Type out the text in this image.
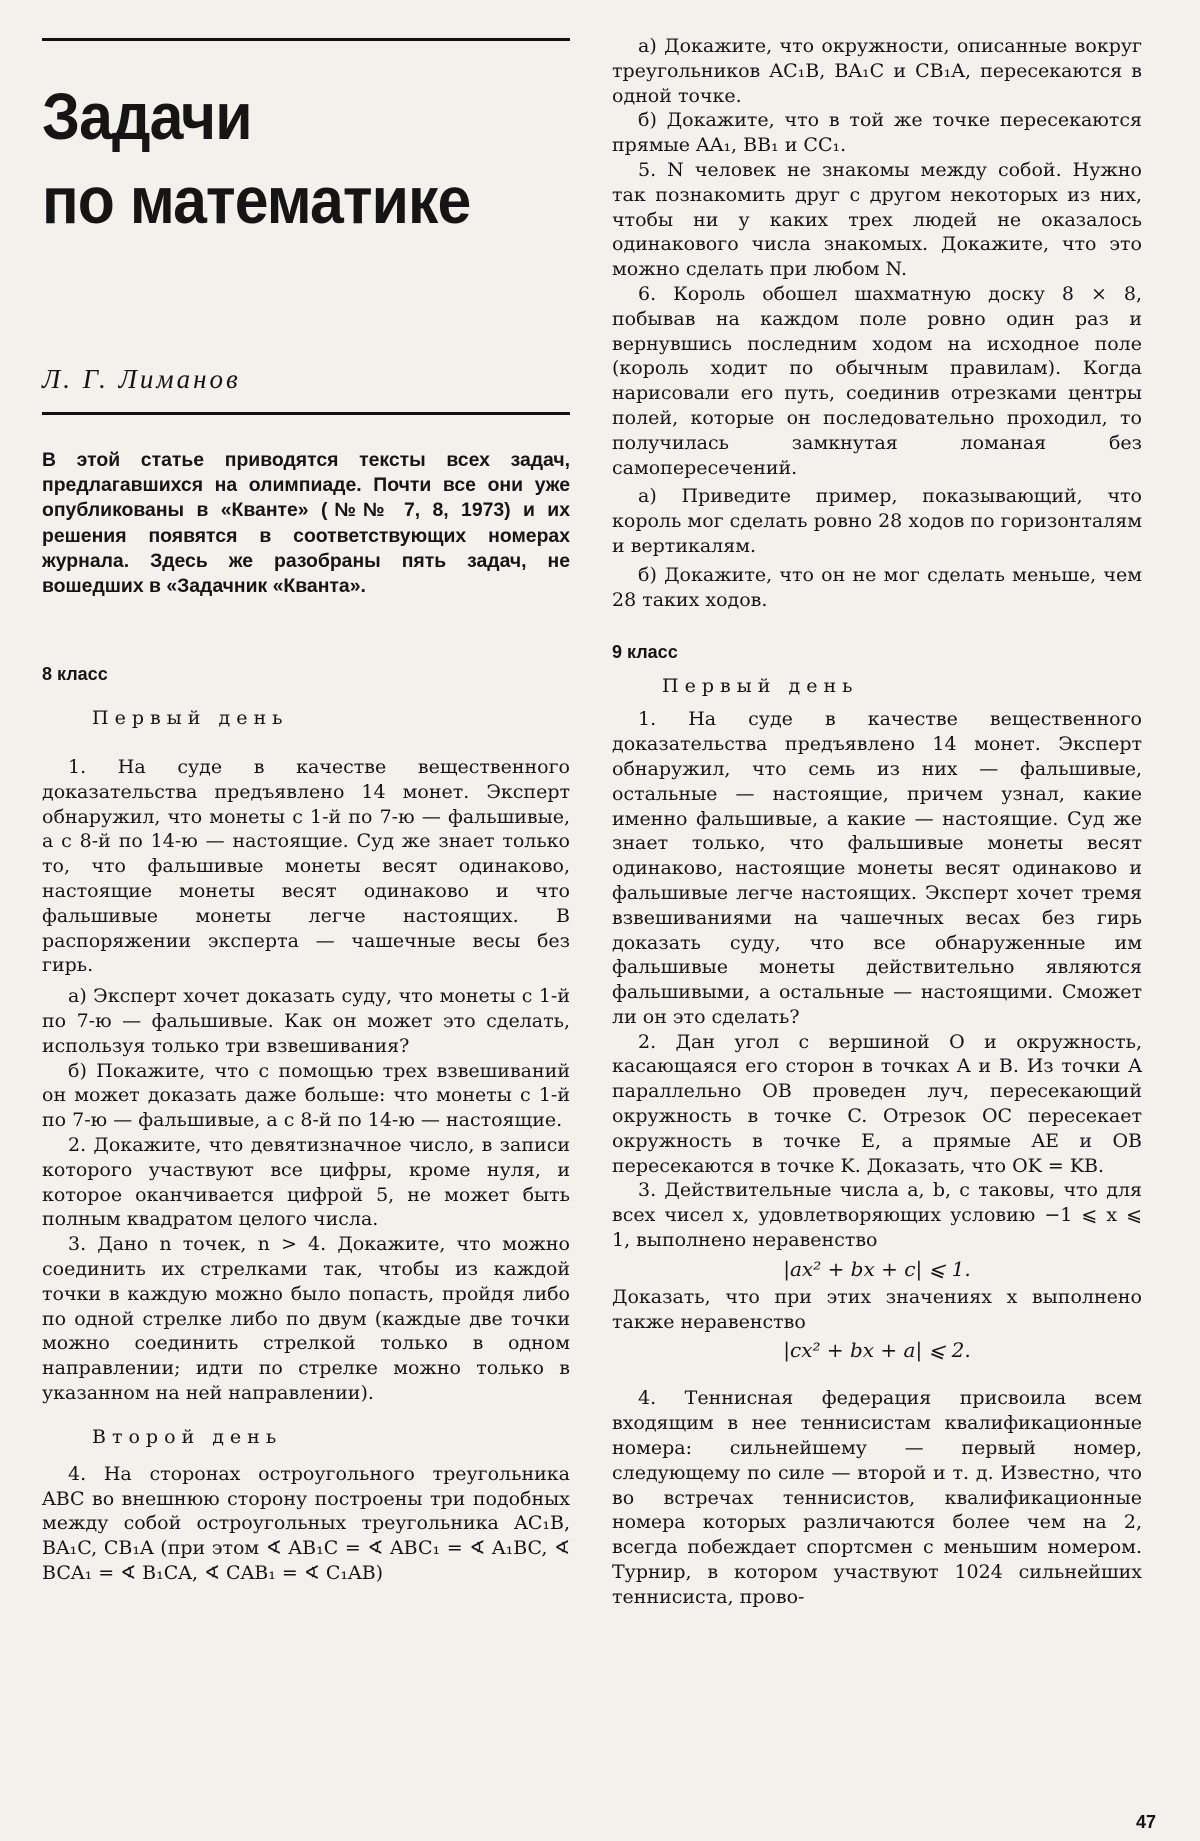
Задачи
по математике

Л. Г. Лиманов

В этой статье приводятся тексты всех задач, предлагавшихся на олимпиаде. Почти все они уже опубликованы в «Кванте» (№№ 7, 8, 1973) и их решения появятся в соответствующих номерах журнала. Здесь же разобраны пять задач, не вошедших в «Задачник «Кванта».

8 класс

Первый день

1. На суде в качестве вещественного доказательства предъявлено 14 монет. Эксперт обнаружил, что монеты с 1-й по 7-ю — фальшивые, а с 8-й по 14-ю — настоящие. Суд же знает только то, что фальшивые монеты весят одинаково, настоящие монеты весят одинаково и что фальшивые монеты легче настоящих. В распоряжении эксперта — чашечные весы без гирь.

а) Эксперт хочет доказать суду, что монеты с 1-й по 7-ю — фальшивые. Как он может это сделать, используя только три взвешивания?

б) Покажите, что с помощью трех взвешиваний он может доказать даже больше: что монеты с 1-й по 7-ю — фальшивые, а с 8-й по 14-ю — настоящие.

2. Докажите, что девятизначное число, в записи которого участвуют все цифры, кроме нуля, и которое оканчивается цифрой 5, не может быть полным квадратом целого числа.

3. Дано n точек, n > 4. Докажите, что можно соединить их стрелками так, чтобы из каждой точки в каждую можно было попасть, пройдя либо по одной стрелке либо по двум (каждые две точки можно соединить стрелкой только в одном направлении; идти по стрелке можно только в указанном на ней направлении).

Второй день

4. На сторонах остроугольного треугольника ABC во внешнюю сторону построены три подобных между собой остроугольных треугольника AC₁B, BA₁C, CB₁A (при этом ∢ AB₁C = ∢ ABC₁ = ∢ A₁BC, ∢ BCA₁ = ∢ B₁CA, ∢ CAB₁ = ∢ C₁AB)

а) Докажите, что окружности, описанные вокруг треугольников AC₁B, BA₁C и CB₁A, пересекаются в одной точке.

б) Докажите, что в той же точке пересекаются прямые AA₁, BB₁ и CC₁.

5. N человек не знакомы между собой. Нужно так познакомить друг с другом некоторых из них, чтобы ни у каких трех людей не оказалось одинакового числа знакомых. Докажите, что это можно сделать при любом N.

6. Король обошел шахматную доску 8 × 8, побывав на каждом поле ровно один раз и вернувшись последним ходом на исходное поле (король ходит по обычным правилам). Когда нарисовали его путь, соединив отрезками центры полей, которые он последовательно проходил, то получилась замкнутая ломаная без самопересечений.

а) Приведите пример, показывающий, что король мог сделать ровно 28 ходов по горизонталям и вертикалям.

б) Докажите, что он не мог сделать меньше, чем 28 таких ходов.

9 класс

Первый день

1. На суде в качестве вещественного доказательства предъявлено 14 монет. Эксперт обнаружил, что семь из них — фальшивые, остальные — настоящие, причем узнал, какие именно фальшивые, а какие — настоящие. Суд же знает только, что фальшивые монеты весят одинаково, настоящие монеты весят одинаково и фальшивые легче настоящих. Эксперт хочет тремя взвешиваниями на чашечных весах без гирь доказать суду, что все обнаруженные им фальшивые монеты действительно являются фальшивыми, а остальные — настоящими. Сможет ли он это сделать?

2. Дан угол с вершиной O и окружность, касающаяся его сторон в точках A и B. Из точки A параллельно OB проведен луч, пересекающий окружность в точке C. Отрезок OC пересекает окружность в точке E, а прямые AE и OB пересекаются в точке K. Доказать, что OK = KB.

3. Действительные числа a, b, c таковы, что для всех чисел x, удовлетворяющих условию −1 ⩽ x ⩽ 1, выполнено неравенство

|ax² + bx + c| ⩽ 1.

Доказать, что при этих значениях x выполнено также неравенство

|cx² + bx + a| ⩽ 2.

4. Теннисная федерация присвоила всем входящим в нее теннисистам квалификационные номера: сильнейшему — первый номер, следующему по силе — второй и т. д. Известно, что во встречах теннисистов, квалификационные номера которых различаются более чем на 2, всегда побеждает спортсмен с меньшим номером. Турнир, в котором участвуют 1024 сильнейших теннисиста, прово-

47
